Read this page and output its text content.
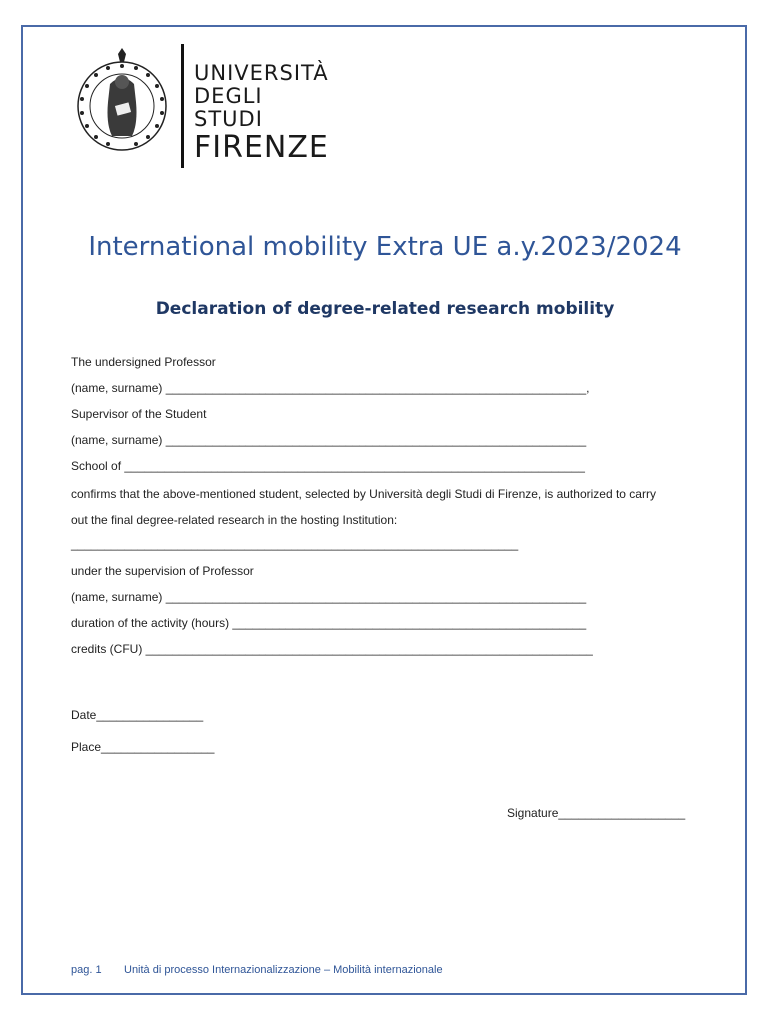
UNIVERSITÀ
DEGLI STUDI
FIRENZE
International mobility Extra UE a.y.2023/2024
Declaration of degree-related research mobility
The undersigned Professor
(name, surname) _______________________________________________________________,
Supervisor of the Student
(name, surname) _______________________________________________________________
School of _____________________________________________________________________
confirms that the above-mentioned student, selected by Università degli Studi di Firenze, is authorized to carry
out the final degree-related research in the hosting Institution:
___________________________________________________________________
under the supervision of Professor
(name, surname) _______________________________________________________________
duration of the activity (hours) _____________________________________________________
credits (CFU) ___________________________________________________________________
Date________________
Place_________________
Signature___________________
pag. 1 Unità di processo Internazionalizzazione – Mobilità internazionale
